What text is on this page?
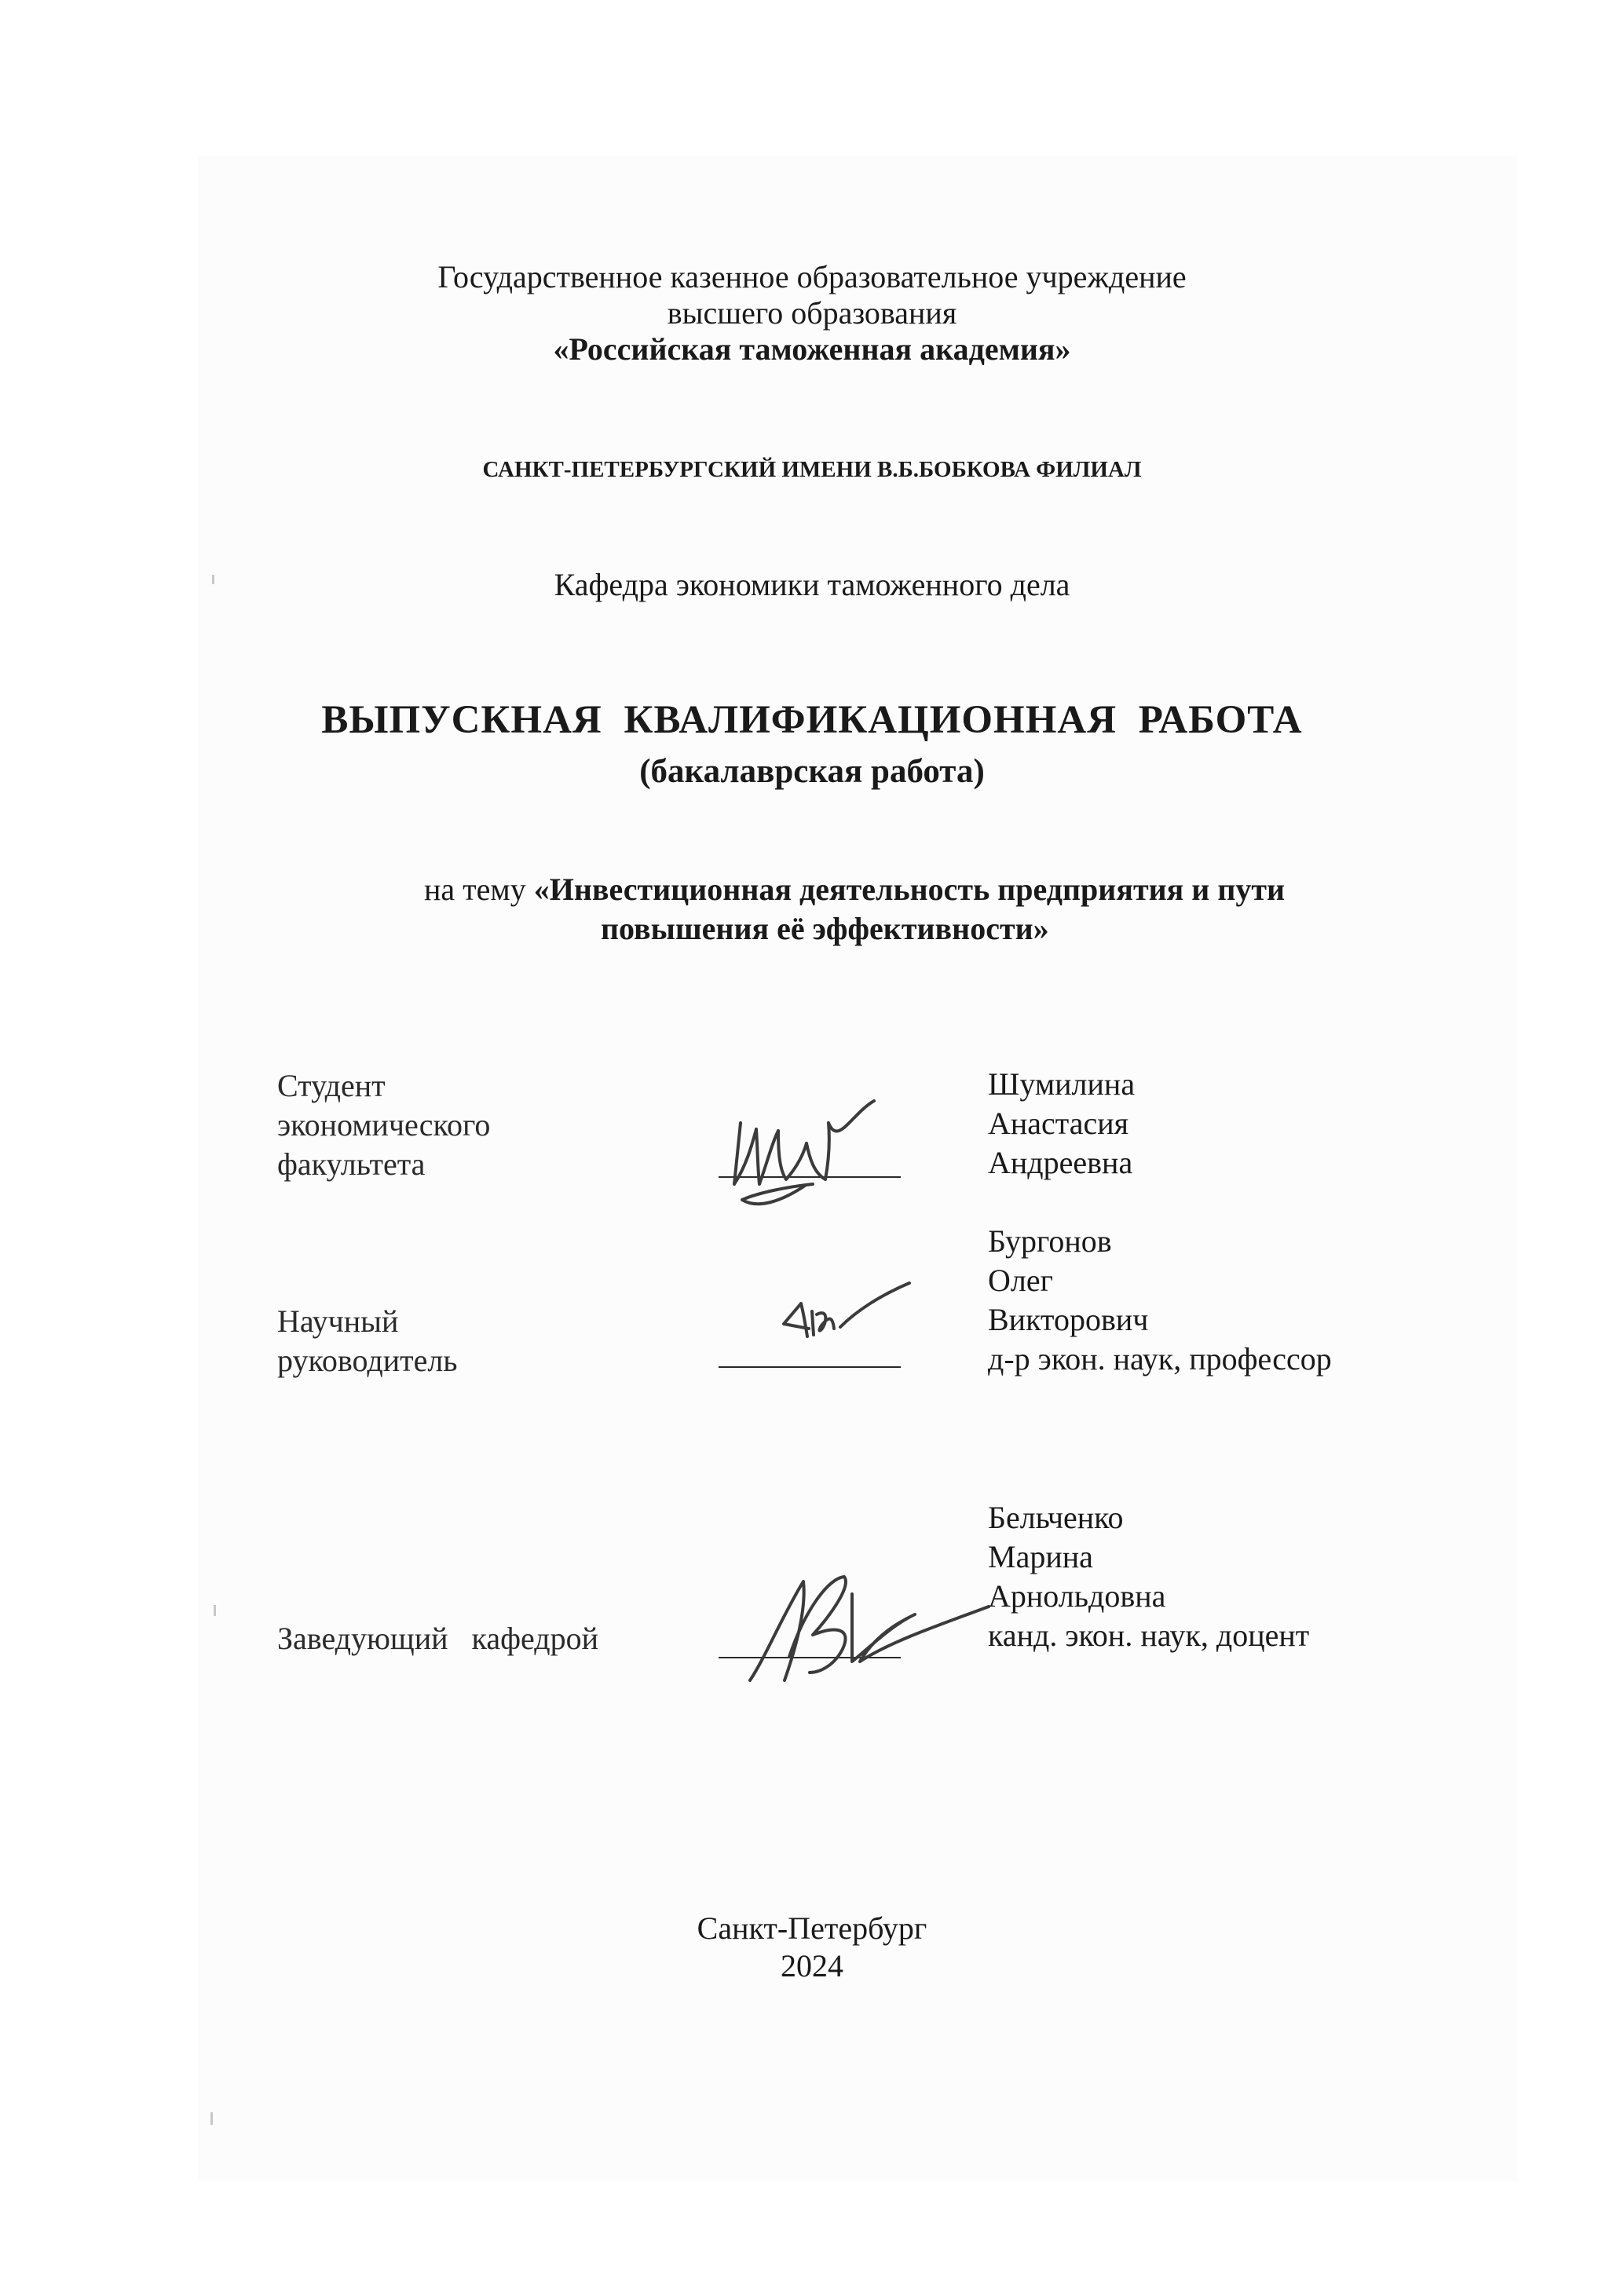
Государственное казенное образовательное учреждение
высшего образования
«Российская таможенная академия»
САНКТ-ПЕТЕРБУРГСКИЙ ИМЕНИ В.Б.БОБКОВА ФИЛИАЛ
Кафедра экономики таможенного дела
ВЫПУСКНАЯ КВАЛИФИКАЦИОННАЯ РАБОТА
(бакалаврская работа)
на тему «Инвестиционная деятельность предприятия и пути
повышения её эффективности»
Студент
экономического
факультета
Шумилина
Анастасия
Андреевна
Научный
руководитель
Бургонов
Олег
Викторович
д-р экон. наук, профессор
Заведующий   кафедрой
Бельченко
Марина
Арнольдовна
канд. экон. наук, доцент
Санкт-Петербург
2024
